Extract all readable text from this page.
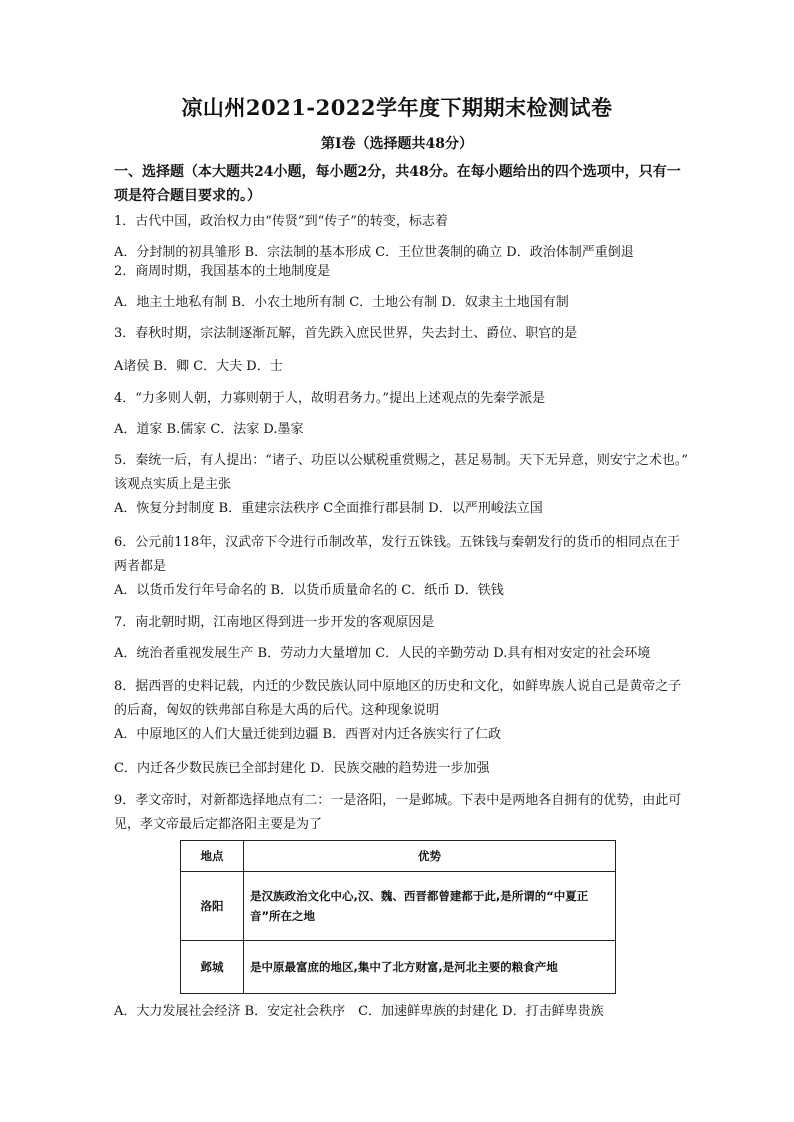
凉山州2021-2022学年度下期期末检测试卷
第Ⅰ卷（选择题共48分）
一、选择题（本大题共24小题，每小题2分，共48分。在每小题给出的四个选项中，只有一项是符合题目要求的。）
1．古代中国，政治权力由“传贤”到“传子”的转变，标志着
A．分封制的初具雏形 B．宗法制的基本形成 C．王位世袭制的确立 D．政治体制严重倒退
2．商周时期，我国基本的土地制度是
A．地主土地私有制 B．小农土地所有制 C．土地公有制 D．奴隶主土地国有制
3．春秋时期，宗法制逐渐瓦解，首先跌入庶民世界，失去封土、爵位、职官的是
A诸侯 B．卿 C．大夫 D．士
4．“力多则人朝，力寡则朝于人，故明君务力。”提出上述观点的先秦学派是
A．道家 B.儒家 C．法家 D.墨家
5．秦统一后，有人提出：“诸子、功臣以公赋税重赏赐之，甚足易制。天下无异意，则安宁之术也。” 该观点实质上是主张
A．恢复分封制度 B．重建宗法秩序 C全面推行郡县制 D．以严刑峻法立国
6．公元前118年，汉武帝下令进行币制改革，发行五铢钱。五铢钱与秦朝发行的货币的相同点在于两者都是
A．以货币发行年号命名的 B．以货币质量命名的 C．纸币 D．铁钱
7．南北朝时期，江南地区得到进一步开发的客观原因是
A．统治者重视发展生产 B．劳动力大量增加 C．人民的辛勤劳动 D.具有相对安定的社会环境
8．据西晋的史料记载，内迁的少数民族认同中原地区的历史和文化，如鲜卑族人说自己是黄帝之子的后裔，匈奴的铁弗部自称是大禹的后代。这种现象说明
A．中原地区的人们大量迁徙到边疆 B．西晋对内迁各族实行了仁政
C．内迁各少数民族已全部封建化 D．民族交融的趋势进一步加强
9．孝文帝时，对新都选择地点有二：一是洛阳，一是邺城。下表中是两地各自拥有的优势，由此可见，孝文帝最后定都洛阳主要是为了
地点	优势
洛阳	是汉族政治文化中心,汉、魏、西晋都曾建都于此,是所谓的“中夏正音”所在之地
邺城	是中原最富庶的地区,集中了北方财富,是河北主要的粮食产地
A．大力发展社会经济 B．安定社会秩序　C．加速鲜卑族的封建化 D．打击鲜卑贵族
